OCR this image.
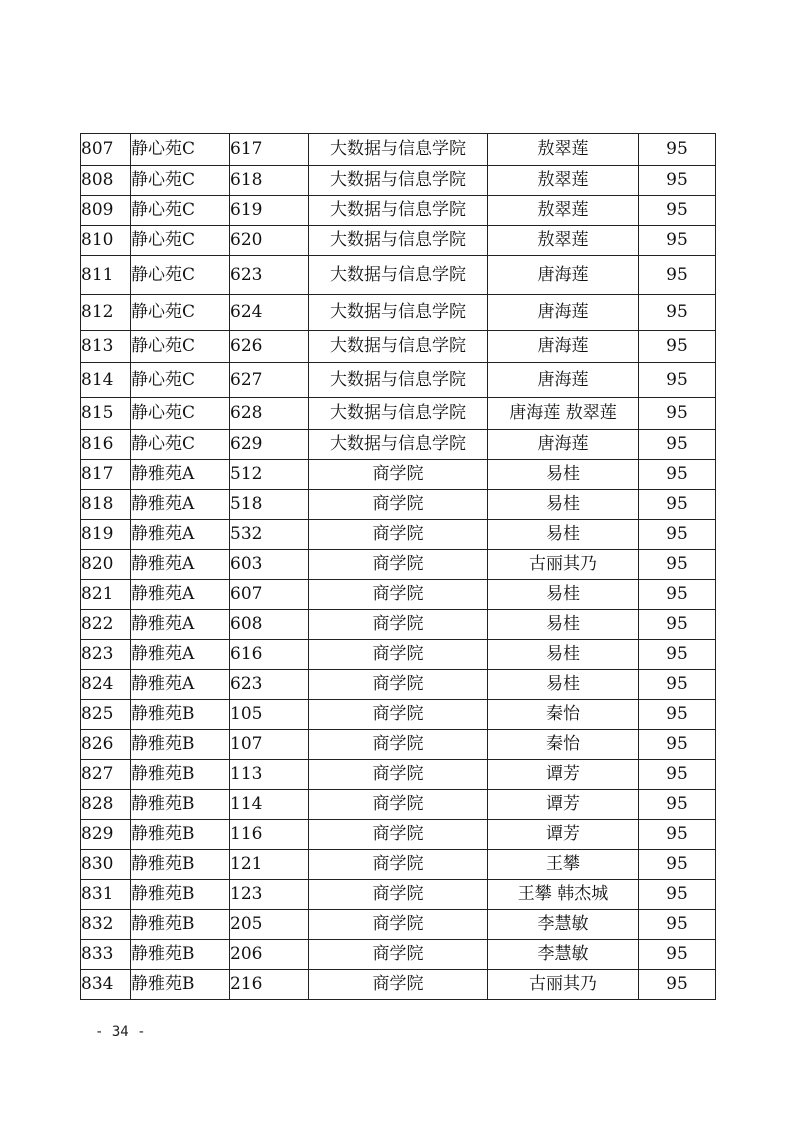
807	静心苑C	617	大数据与信息学院	敖翠莲	95
808	静心苑C	618	大数据与信息学院	敖翠莲	95
809	静心苑C	619	大数据与信息学院	敖翠莲	95
810	静心苑C	620	大数据与信息学院	敖翠莲	95
811	静心苑C	623	大数据与信息学院	唐海莲	95
812	静心苑C	624	大数据与信息学院	唐海莲	95
813	静心苑C	626	大数据与信息学院	唐海莲	95
814	静心苑C	627	大数据与信息学院	唐海莲	95
815	静心苑C	628	大数据与信息学院	唐海莲 敖翠莲	95
816	静心苑C	629	大数据与信息学院	唐海莲	95
817	静雅苑A	512	商学院	易桂	95
818	静雅苑A	518	商学院	易桂	95
819	静雅苑A	532	商学院	易桂	95
820	静雅苑A	603	商学院	古丽其乃	95
821	静雅苑A	607	商学院	易桂	95
822	静雅苑A	608	商学院	易桂	95
823	静雅苑A	616	商学院	易桂	95
824	静雅苑A	623	商学院	易桂	95
825	静雅苑B	105	商学院	秦怡	95
826	静雅苑B	107	商学院	秦怡	95
827	静雅苑B	113	商学院	谭芳	95
828	静雅苑B	114	商学院	谭芳	95
829	静雅苑B	116	商学院	谭芳	95
830	静雅苑B	121	商学院	王攀	95
831	静雅苑B	123	商学院	王攀 韩杰城	95
832	静雅苑B	205	商学院	李慧敏	95
833	静雅苑B	206	商学院	李慧敏	95
834	静雅苑B	216	商学院	古丽其乃	95
- 34 -
